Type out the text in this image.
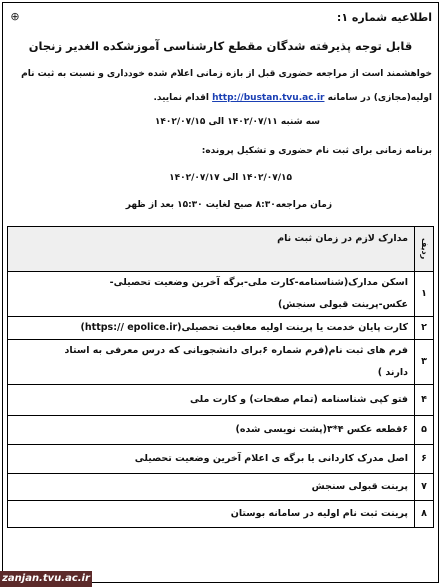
⊕	اطلاعیه شماره ۱:
قابل توجه پذیرفته شدگان مقطع کارشناسی آموزشکده الغدیر زنجان
خواهشمند است از مراجعه حضوری قبل از بازه زمانی اعلام شده خودداری و نسبت به ثبت نام
اولیه(مجازی) در سامانه http://bustan.tvu.ac.ir اقدام نمایید.
سه شنبه ۱۴۰۲/۰۷/۱۱ الی ۱۴۰۲/۰۷/۱۵
برنامه زمانی برای ثبت نام حضوری و تشکیل پرونده:
۱۴۰۲/۰۷/۱۵ الی ۱۴۰۲/۰۷/۱۷
زمان مراجعه۸:۳۰ صبح لغایت ۱۵:۳۰ بعد از ظهر
ردیف	مدارک لازم در زمان ثبت نام
۱	اسکن مدارک(شناسنامه-کارت ملی-برگه آخرین وضعیت تحصیلی-
عکس-پرینت قبولی سنجش)

۲	کارت پایان خدمت یا پرینت اولیه معافیت تحصیلی(https:// epolice.ir)

۳	فرم های ثبت نام(فرم شماره ۶برای دانشجویانی که درس معرفی به استاد
دارند )

۴	فتو کپی شناسنامه (تمام صفحات) و کارت ملی

۵	۶قطعه عکس ۴*۳(پشت نویسی شده)

۶	اصل مدرک کاردانی یا برگه ی اعلام آخرین وضعیت تحصیلی

۷	پرینت قبولی سنجش

۸	پرینت ثبت نام اولیه در سامانه بوستان
zanjan.tvu.ac.ir
